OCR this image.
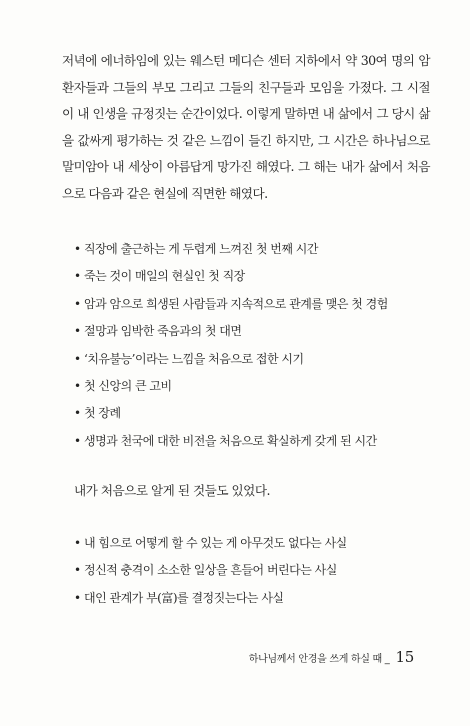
저녁에 에너하임에 있는 웨스턴 메디슨 센터 지하에서 약 30여 명의 암 환자들과 그들의 부모 그리고 그들의 친구들과 모임을 가졌다. 그 시절이 내 인생을 규정짓는 순간이었다. 이렇게 말하면 내 삶에서 그 당시 삶을 값싸게 평가하는 것 같은 느낌이 들긴 하지만, 그 시간은 하나님으로 말미암아 내 세상이 아름답게 망가진 해였다. 그 해는 내가 삶에서 처음으로 다음과 같은 현실에 직면한 해였다.

• 직장에 출근하는 게 두렵게 느껴진 첫 번째 시간
• 죽는 것이 매일의 현실인 첫 직장
• 암과 암으로 희생된 사람들과 지속적으로 관계를 맺은 첫 경험
• 절망과 임박한 죽음과의 첫 대면
• ‘치유불능’이라는 느낌을 처음으로 접한 시기
• 첫 신앙의 큰 고비
• 첫 장례
• 생명과 천국에 대한 비전을 처음으로 확실하게 갖게 된 시간

내가 처음으로 알게 된 것들도 있었다.

• 내 힘으로 어떻게 할 수 있는 게 아무것도 없다는 사실
• 정신적 충격이 소소한 일상을 흔들어 버린다는 사실
• 대인 관계가 부(富)를 결정짓는다는 사실
하나님께서 안경을 쓰게 하실 때 _ 15
